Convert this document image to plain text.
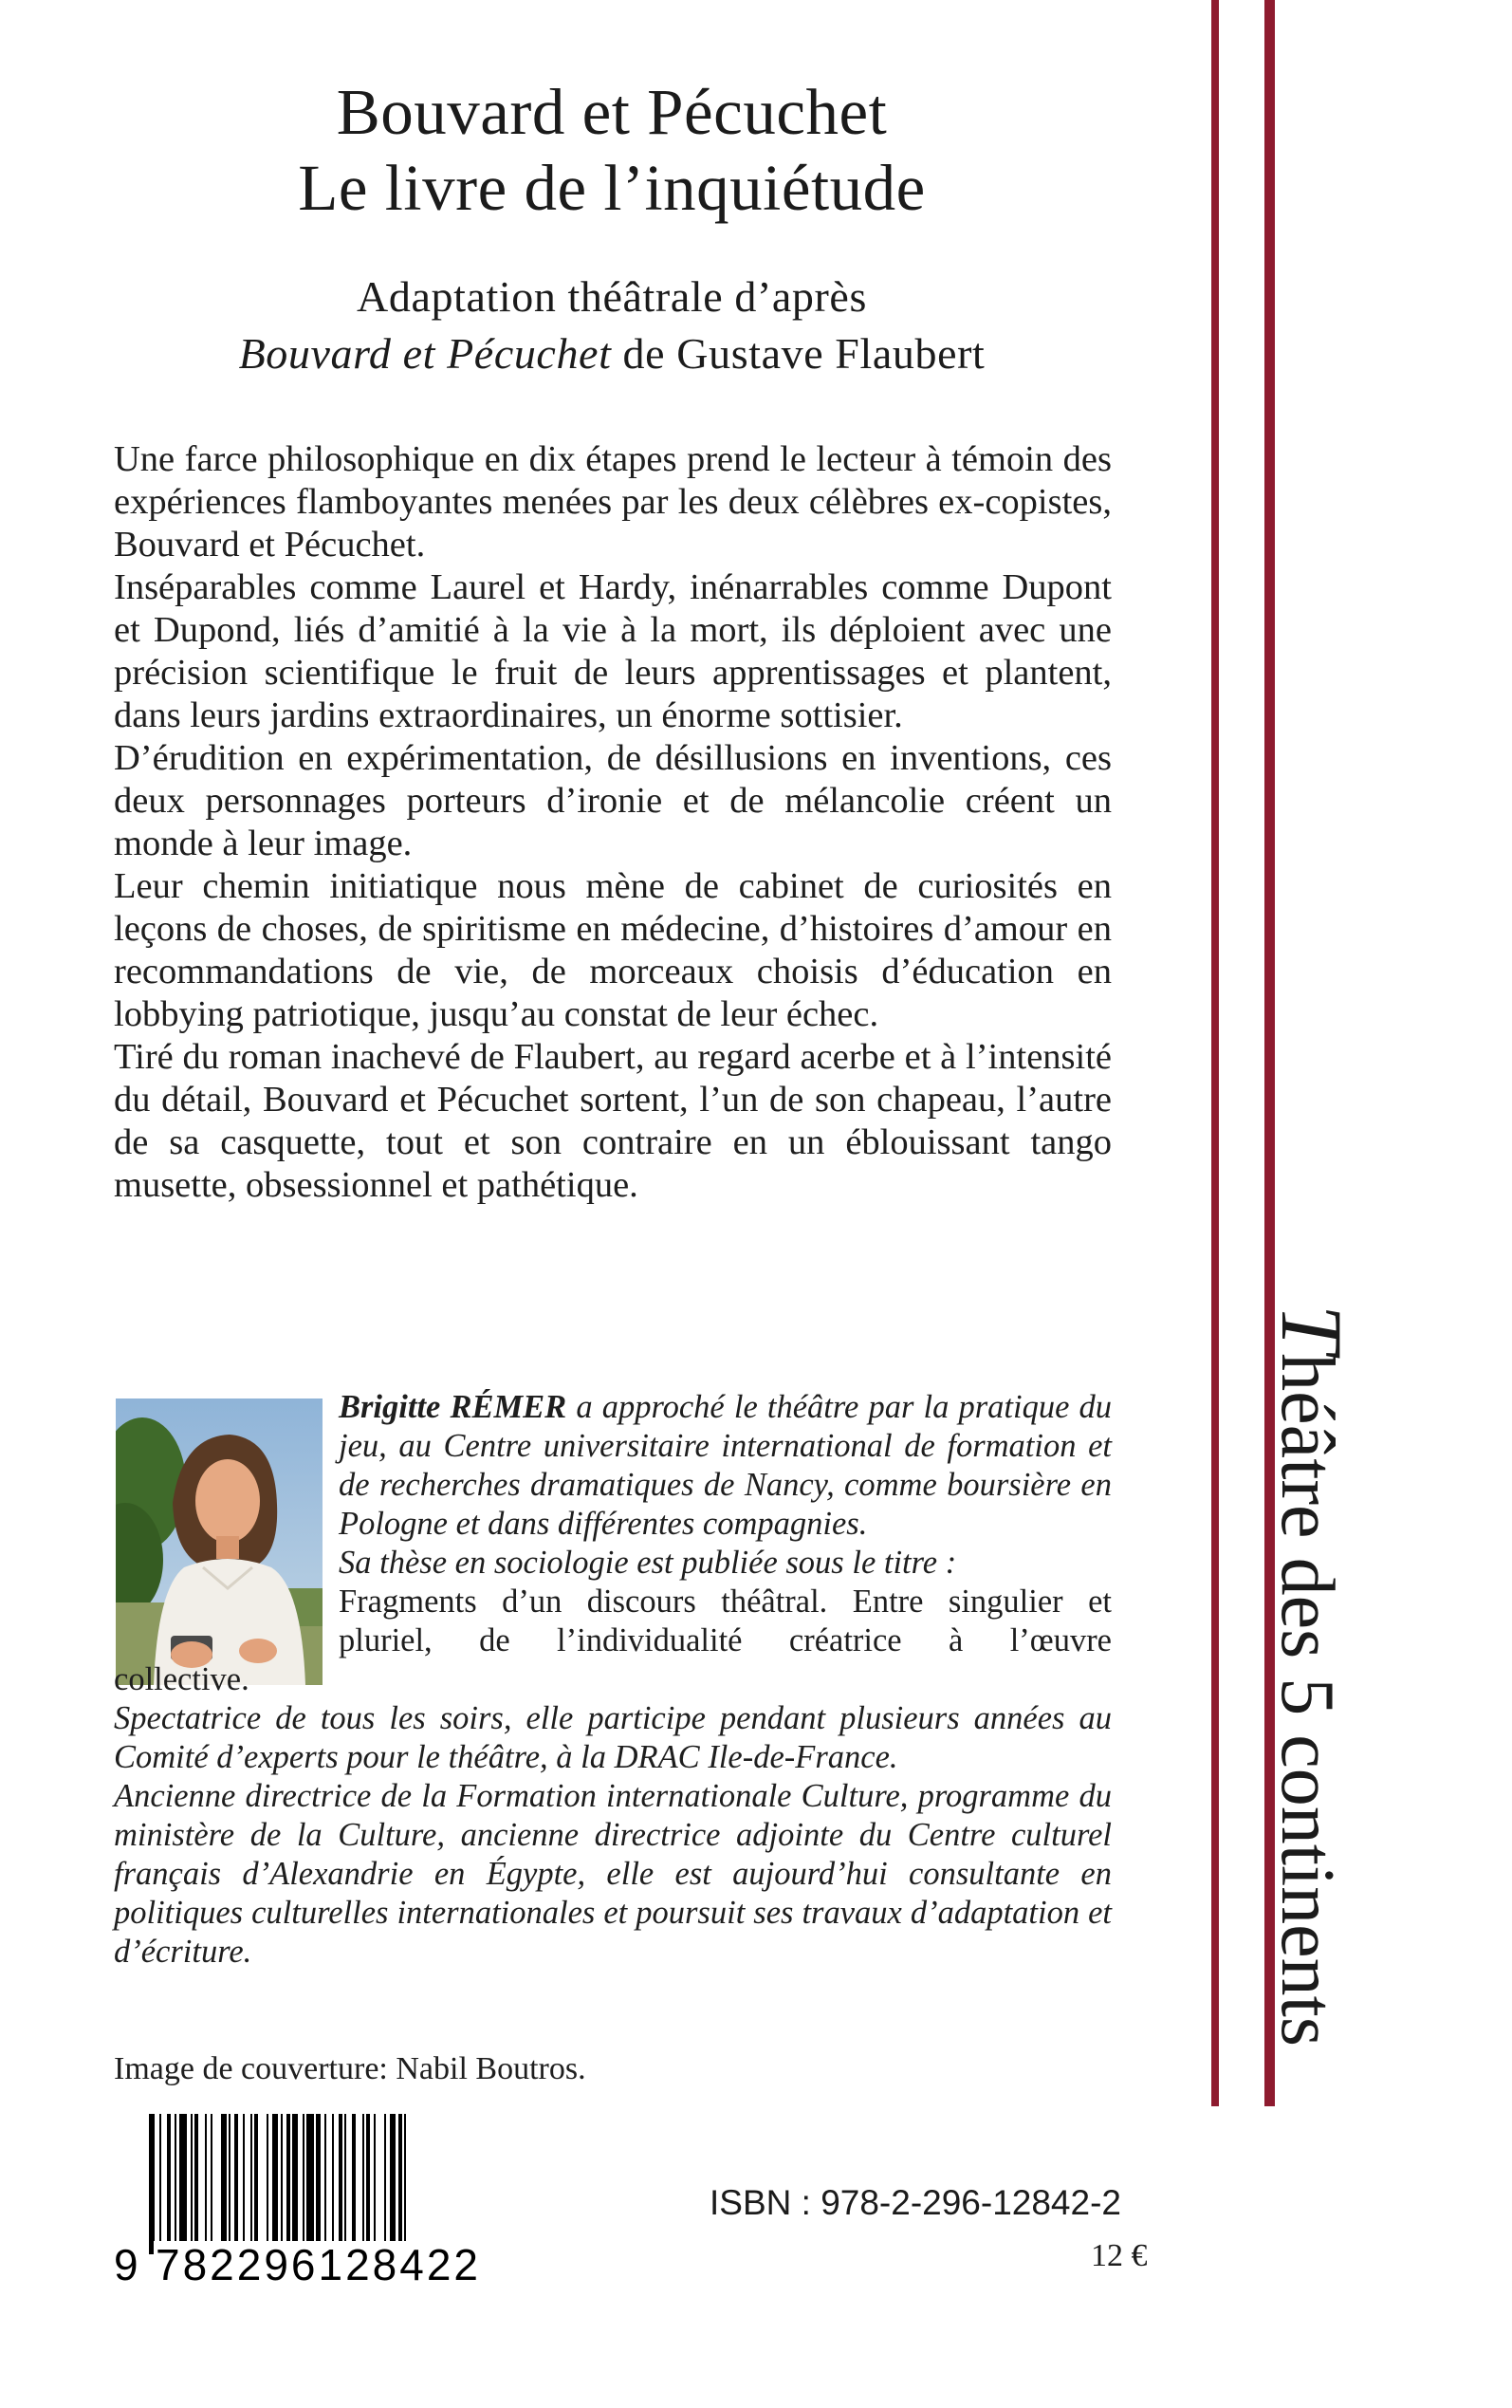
Bouvard et Pécuchet
Le livre de l’inquiétude
Adaptation théâtrale d’après
Bouvard et Pécuchet de Gustave Flaubert

Une farce philosophique en dix étapes prend le lecteur à témoin des expériences flamboyantes menées par les deux célèbres ex-copistes, Bouvard et Pécuchet.

Inséparables comme Laurel et Hardy, inénarrables comme Dupont et Dupond, liés d’amitié à la vie à la mort, ils déploient avec une précision scientifique le fruit de leurs apprentissages et plantent, dans leurs jardins extraordinaires, un énorme sottisier.

D’érudition en expérimentation, de désillusions en inventions, ces deux personnages porteurs d’ironie et de mélancolie créent un monde à leur image.

Leur chemin initiatique nous mène de cabinet de curiosités en leçons de choses, de spiritisme en médecine, d’histoires d’amour en recommandations de vie, de morceaux choisis d’éducation en lobbying patriotique, jusqu’au constat de leur échec.

Tiré du roman inachevé de Flaubert, au regard acerbe et à l’intensité du détail, Bouvard et Pécuchet sortent, l’un de son chapeau, l’autre de sa casquette, tout et son contraire en un éblouissant tango musette, obsessionnel et pathétique.

Brigitte RÉMER a approché le théâtre par la pratique du jeu, au Centre universitaire international de formation et de recherches dramatiques de Nancy, comme boursière en Pologne et dans différentes compagnies.

Sa thèse en sociologie est publiée sous le titre :

Fragments d’un discours théâtral. Entre singulier et

pluriel, de l’individualité créatrice à l’œuvre

collective.

Spectatrice de tous les soirs, elle participe pendant plusieurs années au Comité d’experts pour le théâtre, à la DRAC Ile-de-France.

Ancienne directrice de la Formation internationale Culture, programme du ministère de la Culture, ancienne directrice adjointe du Centre culturel français d’Alexandrie en Égypte, elle est aujourd’hui consultante en politiques culturelles internationales et poursuit ses travaux d’adaptation et d’écriture.

Image de couverture: Nabil Boutros.
9 782296128422
ISBN : 978-2-296-12842-2
12 €
Théâtre des 5 continents
